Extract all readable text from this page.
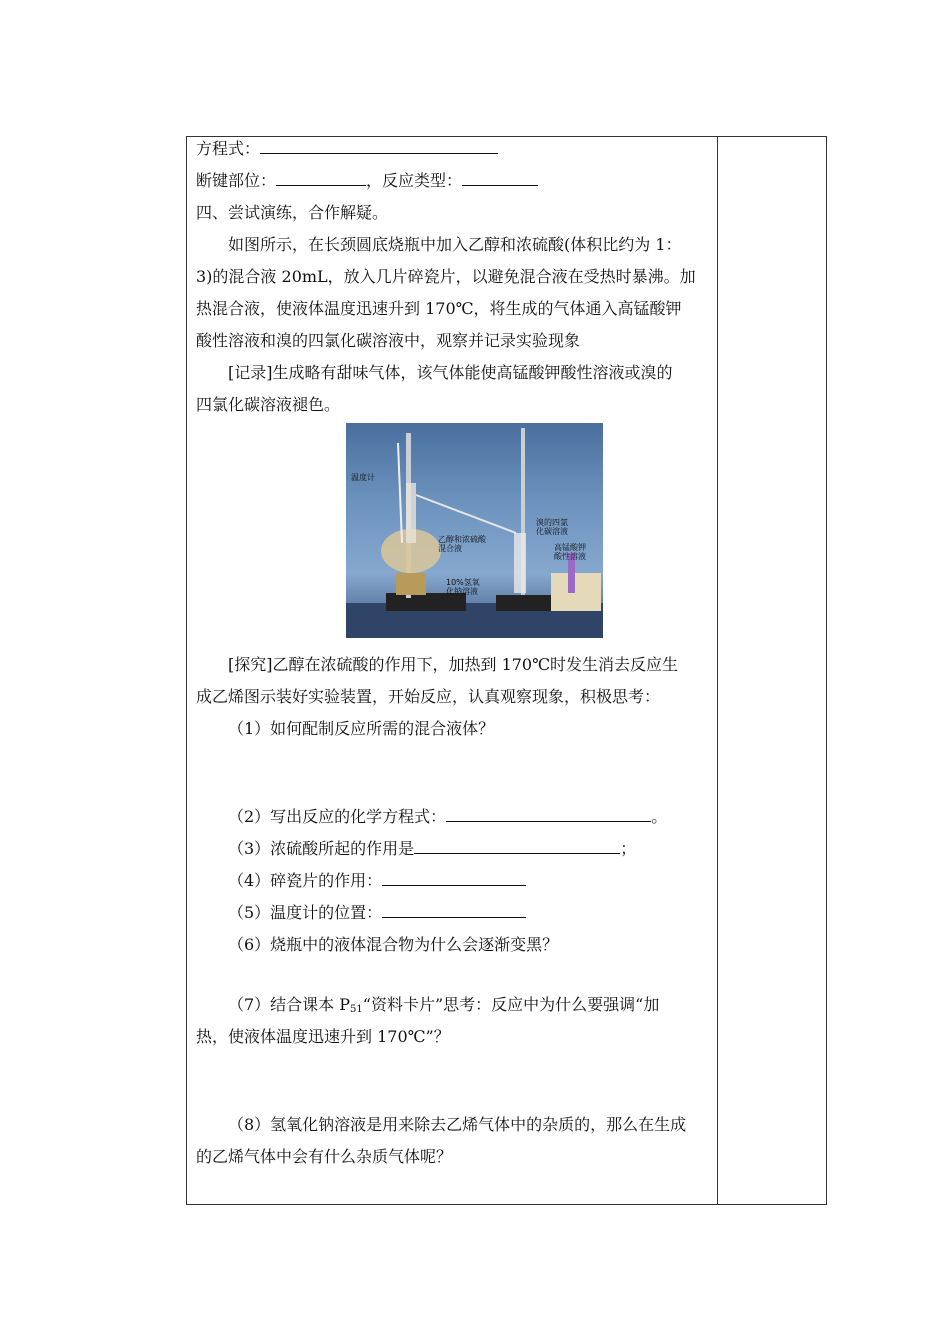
方程式：
断键部位：	，反应类型：
四、尝试演练，合作解疑。
如图所示，在长颈圆底烧瓶中加入乙醇和浓硫酸(体积比约为 1：
3)的混合液 20mL，放入几片碎瓷片，以避免混合液在受热时暴沸。加
热混合液，使液体温度迅速升到 170℃，将生成的气体通入高锰酸钾
酸性溶液和溴的四氯化碳溶液中，观察并记录实验现象
[记录]生成略有甜味气体，该气体能使高锰酸钾酸性溶液或溴的
四氯化碳溶液褪色。
[探究]乙醇在浓硫酸的作用下，加热到 170℃时发生消去反应生
成乙烯图示装好实验装置，开始反应，认真观察现象，积极思考：
（1）如何配制反应所需的混合液体？
（2）写出反应的化学方程式：	。
（3）浓硫酸所起的作用是	；
（4）碎瓷片的作用：
（5）温度计的位置：
（6）烧瓶中的液体混合物为什么会逐渐变黑？
（7）结合课本 $P_{51}“$资料卡片”思考：反应中为什么要强调“加
热，使液体温度迅速升到 170℃”？
（8）氢氧化钠溶液是用来除去乙烯气体中的杂质的，那么在生成
的乙烯气体中会有什么杂质气体呢？
温度计
乙醇和浓硫酸
混合液
溴的四氯
化碳溶液
高锰酸钾
酸性溶液
10%氢氧
化钠溶液
